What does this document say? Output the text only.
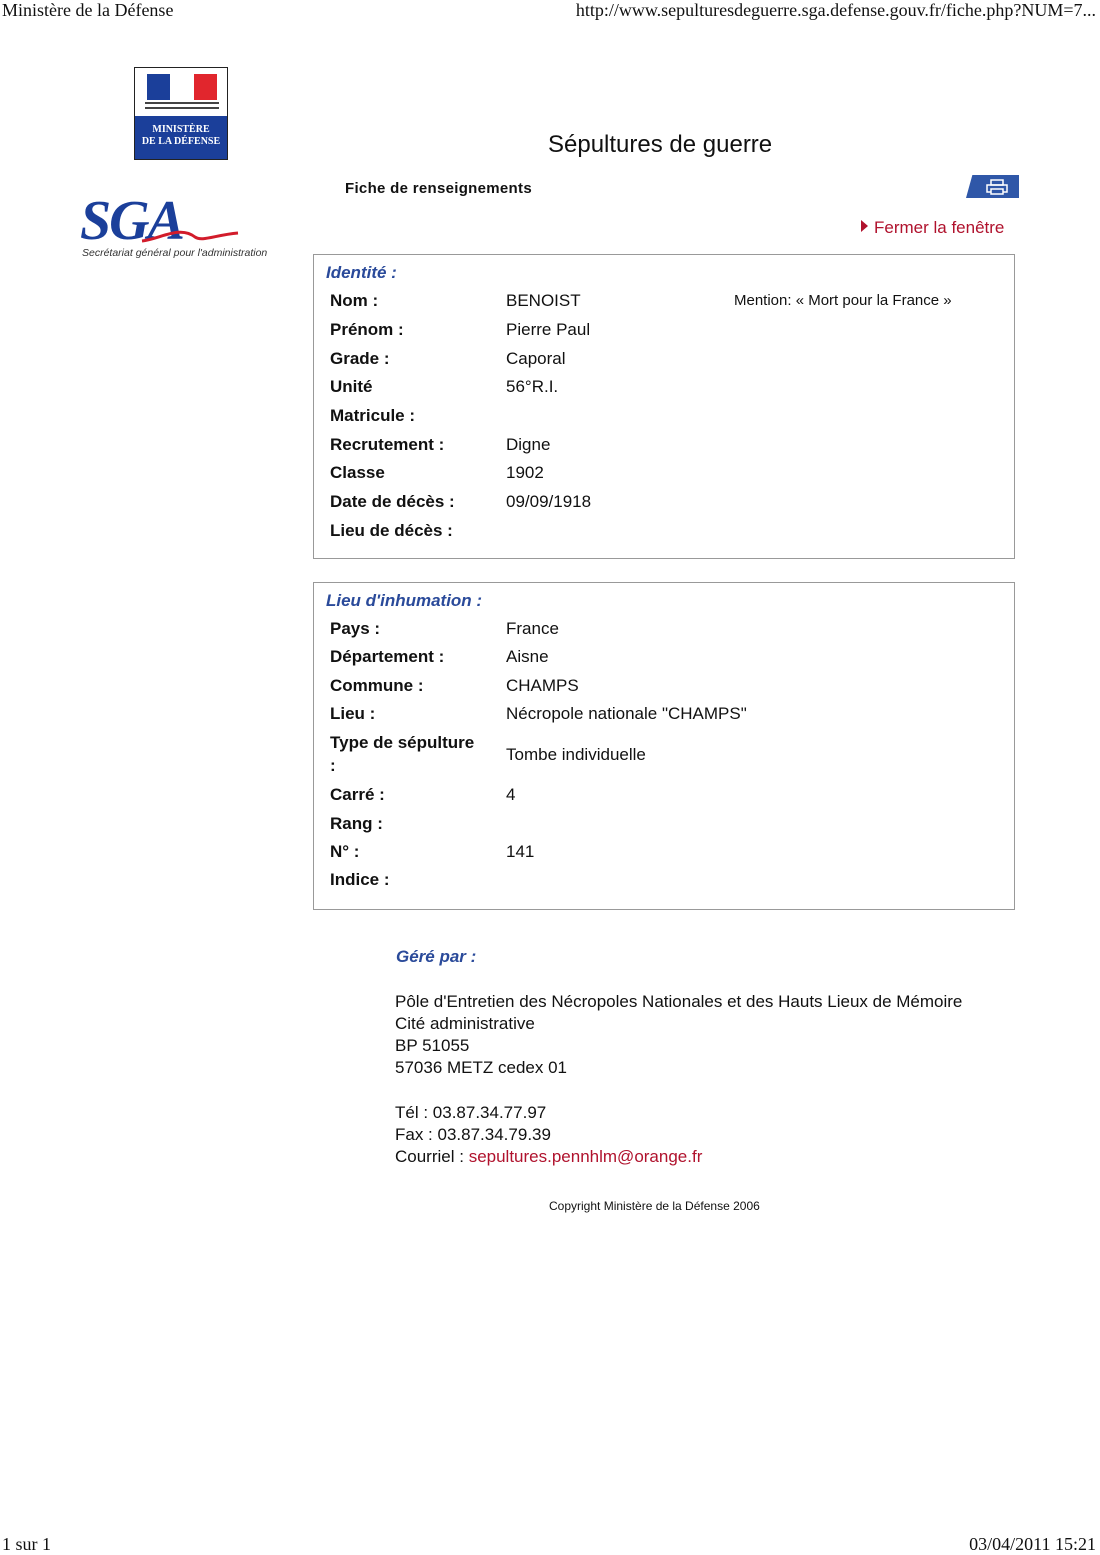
Ministère de la Défense	http://www.sepulturesdeguerre.sga.defense.gouv.fr/fiche.php?NUM=7...
1 sur 1	03/04/2011 15:21
MINISTÈRE
DE LA DÉFENSE
SGA
Secrétariat général pour l'administration
Sépultures de guerre
Fiche de renseignements
Fermer la fenêtre
Identité :
Mention: « Mort pour la France »
Nom :	BENOIST
Prénom :	Pierre Paul
Grade :	Caporal
Unité	56°R.I.
Matricule :
Recrutement :	Digne
Classe	1902
Date de décès :	09/09/1918
Lieu de décès :
Lieu d'inhumation :
Pays :	France
Département :	Aisne
Commune :	CHAMPS
Lieu :	Nécropole nationale "CHAMPS"
Type de sépulture
:
Tombe individuelle
Carré :	4
Rang :
N° :	141
Indice :
Géré par :
Pôle d'Entretien des Nécropoles Nationales et des Hauts Lieux de Mémoire
Cité administrative
BP 51055
57036 METZ cedex 01
Tél : 03.87.34.77.97
Fax : 03.87.34.79.39
Courriel : sepultures.pennhlm@orange.fr
Copyright Ministère de la Défense 2006
